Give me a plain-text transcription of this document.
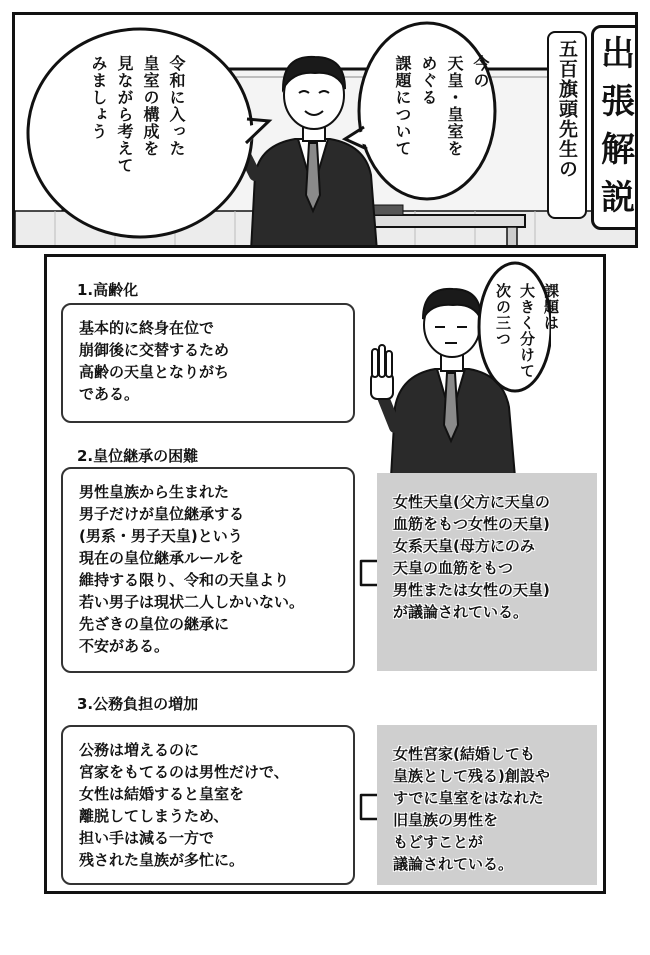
令和に入った
皇室の構成を
見ながら考えて
みましょう	今の
天皇・皇室を
めぐる
課題について	五百旗頭先生の 出
張
解
説
課題は
大きく分けて
次の三つ
1.高齢化
基本的に終身在位で
崩御後に交替するため
高齢の天皇となりがち
である。
2.皇位継承の困難
男性皇族から生まれた
男子だけが皇位継承する
(男系・男子天皇)という
現在の皇位継承ルールを
維持する限り、令和の天皇より
若い男子は現状二人しかいない。
先ざきの皇位の継承に
不安がある。
女性天皇(父方に天皇の
血筋をもつ女性の天皇)
女系天皇(母方にのみ
天皇の血筋をもつ
男性または女性の天皇)
が議論されている。
3.公務負担の増加
公務は増えるのに
宮家をもてるのは男性だけで、
女性は結婚すると皇室を
離脱してしまうため、
担い手は減る一方で
残された皇族が多忙に。
女性宮家(結婚しても
皇族として残る)創設や
すでに皇室をはなれた
旧皇族の男性を
もどすことが
議論されている。
